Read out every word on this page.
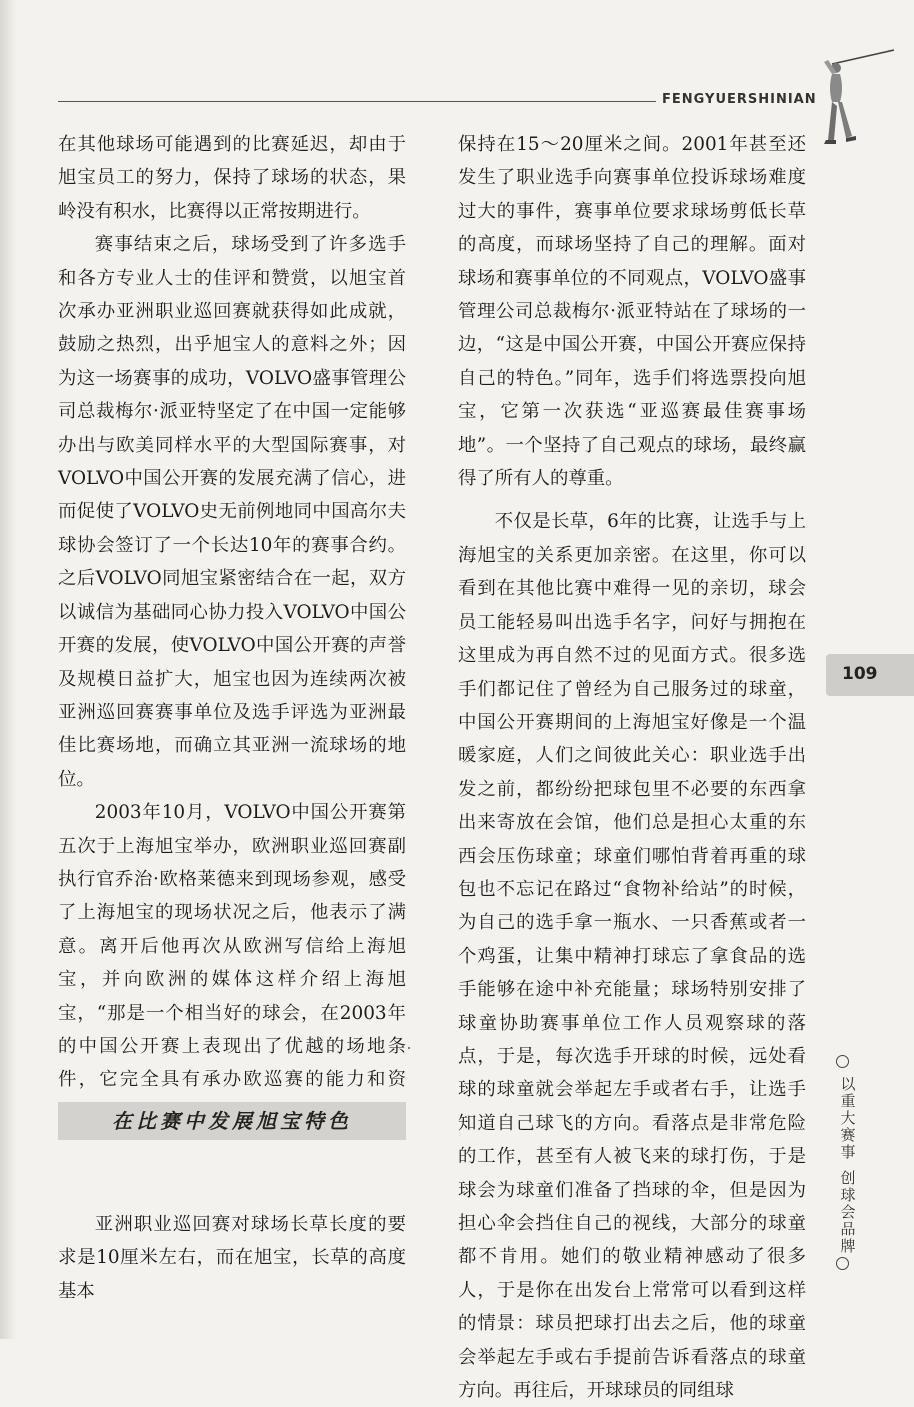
FENGYUERSHINIAN

在其他球场可能遇到的比赛延迟，却由于旭宝员工的努力，保持了球场的状态，果岭没有积水，比赛得以正常按期进行。

赛事结束之后，球场受到了许多选手和各方专业人士的佳评和赞赏，以旭宝首次承办亚洲职业巡回赛就获得如此成就，鼓励之热烈，出乎旭宝人的意料之外；因为这一场赛事的成功，VOLVO盛事管理公司总裁梅尔·派亚特坚定了在中国一定能够办出与欧美同样水平的大型国际赛事，对VOLVO中国公开赛的发展充满了信心，进而促使了VOLVO史无前例地同中国高尔夫球协会签订了一个长达10年的赛事合约。之后VOLVO同旭宝紧密结合在一起，双方以诚信为基础同心协力投入VOLVO中国公开赛的发展，使VOLVO中国公开赛的声誉及规模日益扩大，旭宝也因为连续两次被亚洲巡回赛赛事单位及选手评选为亚洲最佳比赛场地，而确立其亚洲一流球场的地位。

2003年10月，VOLVO中国公开赛第五次于上海旭宝举办，欧洲职业巡回赛副执行官乔治·欧格莱德来到现场参观，感受了上海旭宝的现场状况之后，他表示了满意。离开后他再次从欧洲写信给上海旭宝，并向欧洲的媒体这样介绍上海旭宝，“那是一个相当好的球会，在2003年的中国公开赛上表现出了优越的场地条件，它完全具有承办欧巡赛的能力和资

在比赛中发展旭宝特色

亚洲职业巡回赛对球场长草长度的要求是10厘米左右，而在旭宝，长草的高度基本

保持在15～20厘米之间。2001年甚至还发生了职业选手向赛事单位投诉球场难度过大的事件，赛事单位要求球场剪低长草的高度，而球场坚持了自己的理解。面对球场和赛事单位的不同观点，VOLVO盛事管理公司总裁梅尔·派亚特站在了球场的一边，“这是中国公开赛，中国公开赛应保持自己的特色。”同年，选手们将选票投向旭宝，它第一次获选“亚巡赛最佳赛事场地”。一个坚持了自己观点的球场，最终赢得了所有人的尊重。

不仅是长草，6年的比赛，让选手与上海旭宝的关系更加亲密。在这里，你可以看到在其他比赛中难得一见的亲切，球会员工能轻易叫出选手名字，问好与拥抱在这里成为再自然不过的见面方式。很多选手们都记住了曾经为自己服务过的球童，中国公开赛期间的上海旭宝好像是一个温暖家庭，人们之间彼此关心：职业选手出发之前，都纷纷把球包里不必要的东西拿出来寄放在会馆，他们总是担心太重的东西会压伤球童；球童们哪怕背着再重的球包也不忘记在路过“食物补给站”的时候，为自己的选手拿一瓶水、一只香蕉或者一个鸡蛋，让集中精神打球忘了拿食品的选手能够在途中补充能量；球场特别安排了球童协助赛事单位工作人员观察球的落点，于是，每次选手开球的时候，远处看球的球童就会举起左手或者右手，让选手知道自己球飞的方向。看落点是非常危险的工作，甚至有人被飞来的球打伤，于是球会为球童们准备了挡球的伞，但是因为担心伞会挡住自己的视线，大部分的球童都不肯用。她们的敬业精神感动了很多人，于是你在出发台上常常可以看到这样的情景：球员把球打出去之后，他的球童会举起左手或右手提前告诉看落点的球童方向。再往后，开球球员的同组球

109
以
重
大
赛
事
创
球
会
品
牌
